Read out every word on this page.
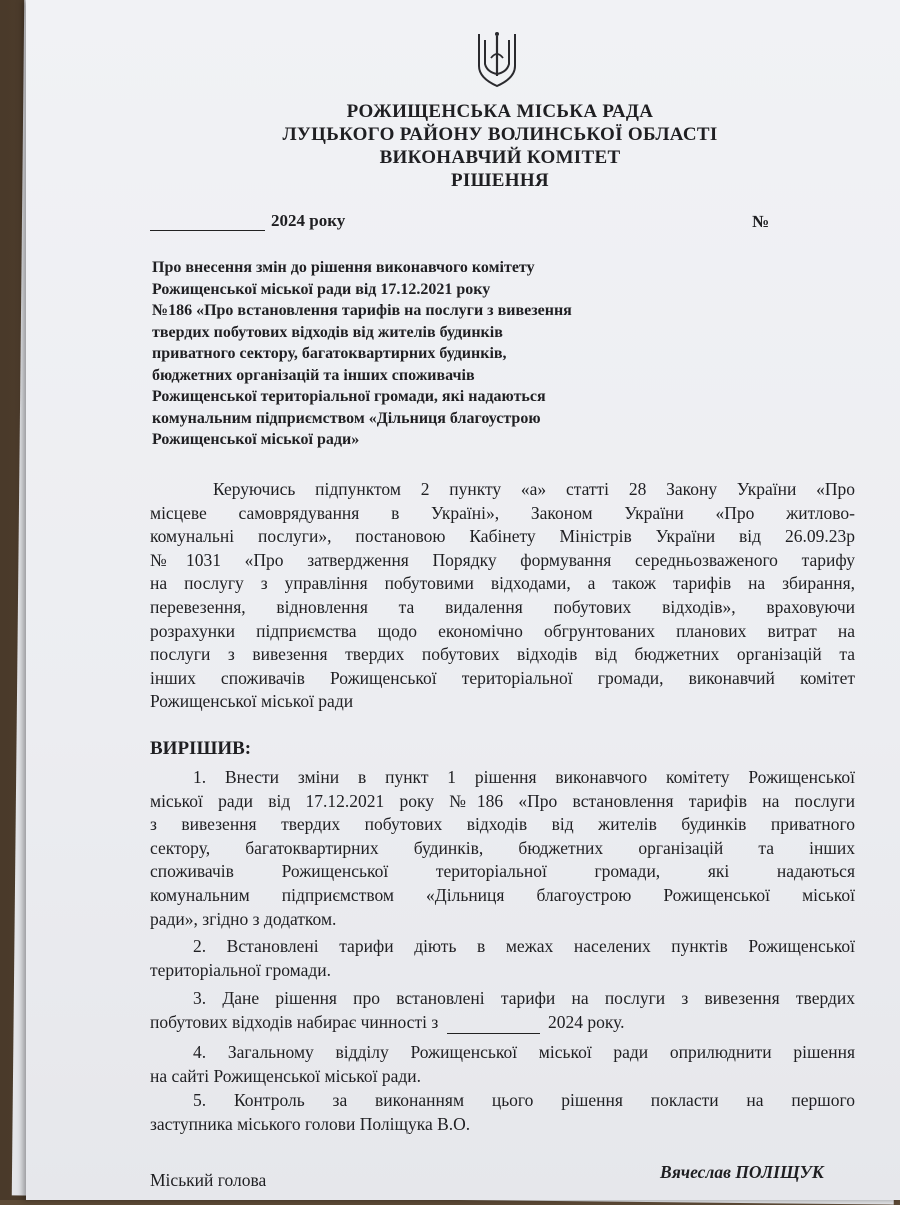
РОЖИЩЕНСЬКА МІСЬКА РАДА
ЛУЦЬКОГО РАЙОНУ ВОЛИНСЬКОЇ ОБЛАСТІ
ВИКОНАВЧИЙ КОМІТЕТ
РІШЕННЯ
2024 року	№
Про внесення змін до рішення виконавчого комітету
Рожищенської міської ради від 17.12.2021 року
№186 «Про встановлення тарифів на послуги з вивезення
твердих побутових відходів від жителів будинків
приватного сектору, багатоквартирних будинків,
бюджетних організацій та інших споживачів
Рожищенської територіальної громади, які надаються
комунальним підприємством «Дільниця благоустрою
Рожищенської міської ради»
Керуючись підпунктом 2 пункту «а» статті 28 Закону України «Про
місцеве самоврядування в Україні», Законом України «Про житлово-
комунальні послуги», постановою Кабінету Міністрів України від 26.09.23р
№1031 «Про затвердження Порядку формування середньозваженого тарифу
на послугу з управління побутовими відходами, а також тарифів на збирання,
перевезення, відновлення та видалення побутових відходів», враховуючи
розрахунки підприємства щодо економічно обгрунтованих планових витрат на
послуги з вивезення твердих побутових відходів від бюджетних організацій та
інших споживачів Рожищенської територіальної громади, виконавчий комітет
Рожищенської міської ради
ВИРІШИВ:
1. Внести зміни в пункт 1 рішення виконавчого комітету Рожищенської
міської ради від 17.12.2021 року №186 «Про встановлення тарифів на послуги
з вивезення твердих побутових відходів від жителів будинків приватного
сектору, багатоквартирних будинків, бюджетних організацій та інших
споживачів Рожищенської територіальної громади, які надаються
комунальним підприємством «Дільниця благоустрою Рожищенської міської
ради», згідно з додатком.
2. Встановлені тарифи діють в межах населених пунктів Рожищенської
територіальної громади.
3. Дане рішення про встановлені тарифи на послуги з вивезення твердих
побутових відходів набирає чинності з	2024 року.
4. Загальному відділу Рожищенської міської ради оприлюднити рішення
на сайті Рожищенської міської ради.
5. Контроль за виконанням цього рішення покласти на першого
заступника міського голови Поліщука В.О.
Міський голова	Вячеслав ПОЛІЩУК
